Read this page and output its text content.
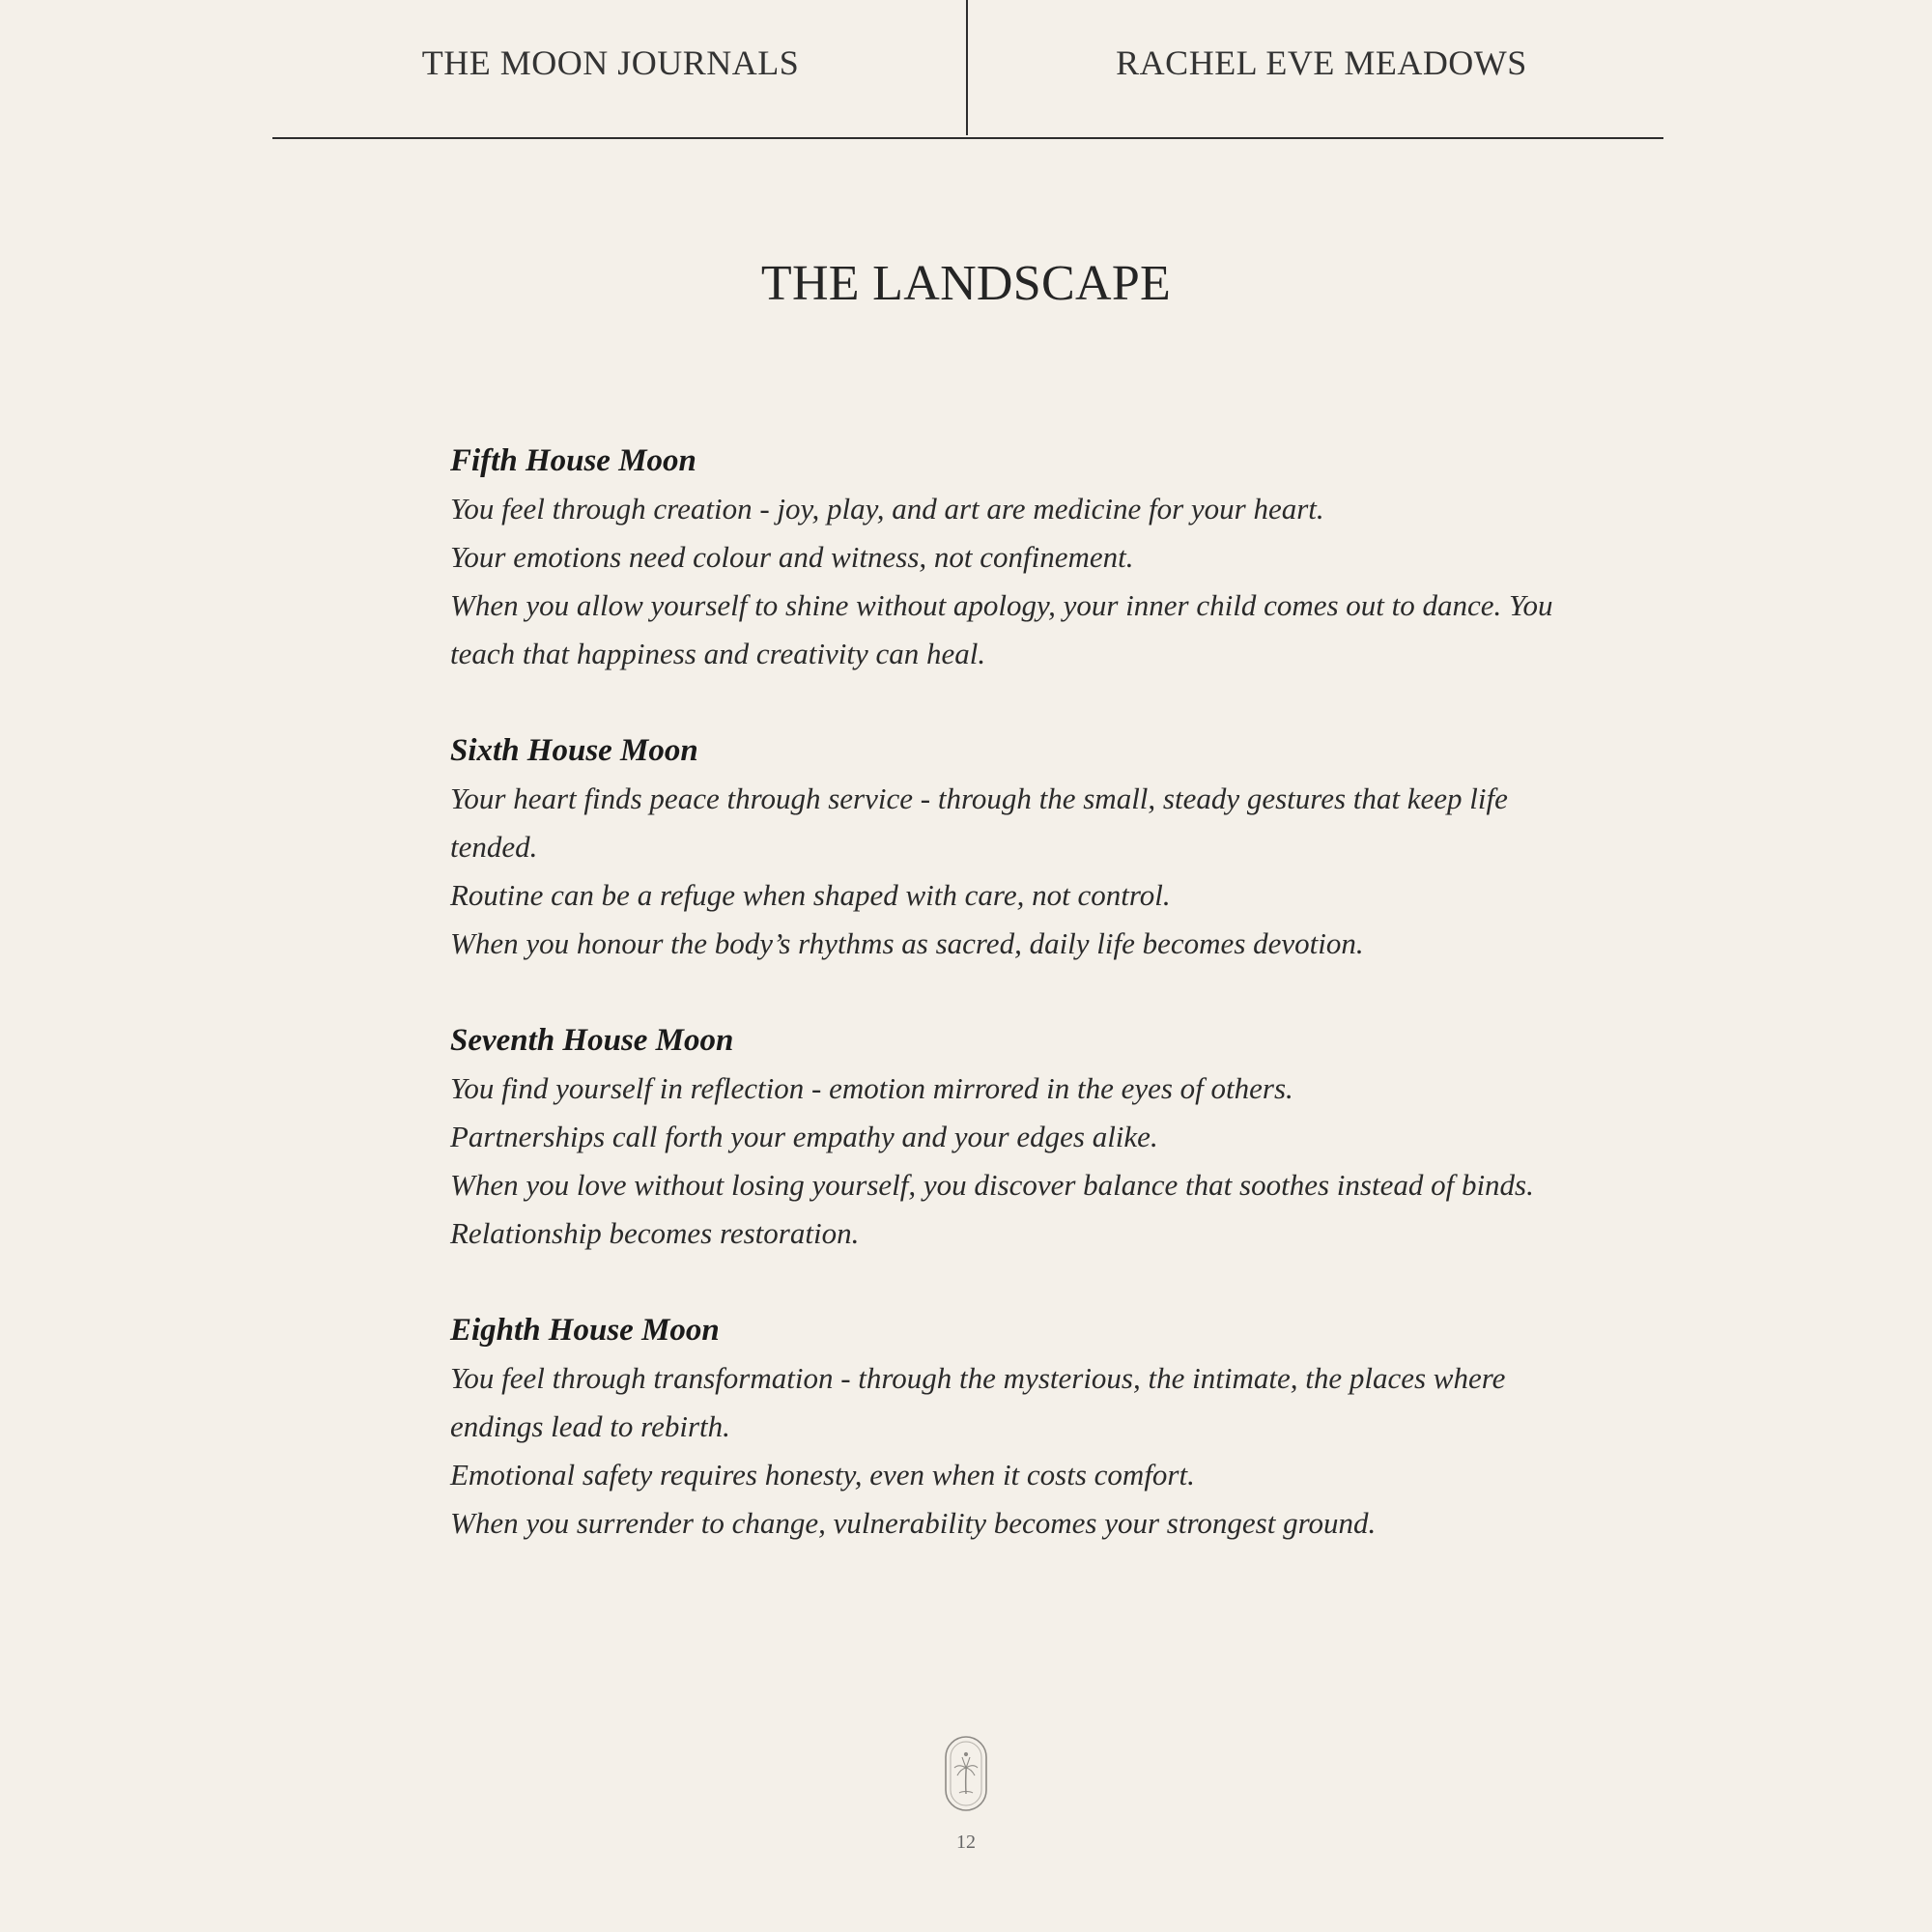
THE MOON JOURNALS	RACHEL EVE MEADOWS
THE LANDSCAPE
Fifth House Moon
You feel through creation - joy, play, and art are medicine for your heart.
Your emotions need colour and witness, not confinement.
When you allow yourself to shine without apology, your inner child comes out to dance. You
teach that happiness and creativity can heal.
Sixth House Moon
Your heart finds peace through service - through the small, steady gestures that keep life
tended.
Routine can be a refuge when shaped with care, not control.
When you honour the body’s rhythms as sacred, daily life becomes devotion.
Seventh House Moon
You find yourself in reflection - emotion mirrored in the eyes of others.
Partnerships call forth your empathy and your edges alike.
When you love without losing yourself, you discover balance that soothes instead of binds.
Relationship becomes restoration.
Eighth House Moon
You feel through transformation - through the mysterious, the intimate, the places where
endings lead to rebirth.
Emotional safety requires honesty, even when it costs comfort.
When you surrender to change, vulnerability becomes your strongest ground.
12
